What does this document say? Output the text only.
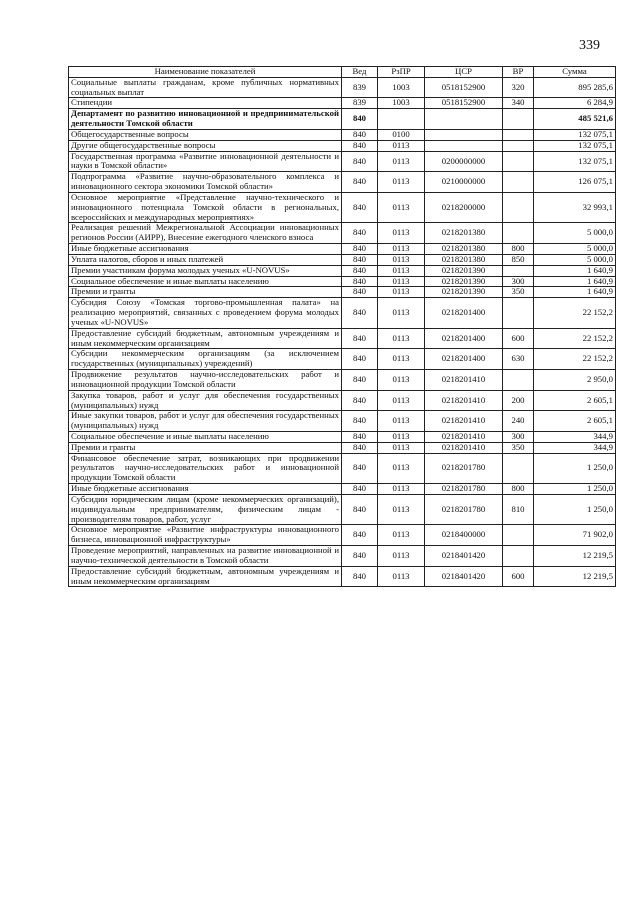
339
Наименование показателей	Вед	РзПР	ЦСР	ВР	Сумма
Социальные выплаты гражданам, кроме публичных нормативных социальных выплат	839	1003	0518152900	320	895 285,6
Стипендии	839	1003	0518152900	340	6 284,9
Департамент по развитию инновационной и предпринимательской деятельности Томской области	840				485 521,6
Общегосударственные вопросы	840	0100			132 075,1
Другие общегосударственные вопросы	840	0113			132 075,1
Государственная программа «Развитие инновационной деятельности и науки в Томской области»	840	0113	0200000000		132 075,1
Подпрограмма «Развитие научно-образовательного комплекса и инновационного сектора экономики Томской области»	840	0113	0210000000		126 075,1
Основное мероприятие «Представление научно-технического и инновационного потенциала Томской области в региональных, всероссийских и международных мероприятиях»	840	0113	0218200000		32 993,1
Реализация решений Межрегиональной Ассоциации инновационных регионов России (АИРР), Внесение ежегодного членского взноса	840	0113	0218201380		5 000,0
Иные бюджетные ассигнования	840	0113	0218201380	800	5 000,0
Уплата налогов, сборов и иных платежей	840	0113	0218201380	850	5 000,0
Премии участникам форума молодых ученых «U-NOVUS»	840	0113	0218201390		1 640,9
Социальное обеспечение и иные выплаты населению	840	0113	0218201390	300	1 640,9
Премии и гранты	840	0113	0218201390	350	1 640,9
Субсидия Союзу «Томская торгово-промышленная палата» на реализацию мероприятий, связанных с проведением форума молодых ученых «U-NOVUS»	840	0113	0218201400		22 152,2
Предоставление субсидий бюджетным, автономным учреждениям и иным некоммерческим организациям	840	0113	0218201400	600	22 152,2
Субсидии некоммерческим организациям (за исключением государственных (муниципальных) учреждений)	840	0113	0218201400	630	22 152,2
Продвижение результатов научно-исследовательских работ и инновационной продукции Томской области	840	0113	0218201410		2 950,0
Закупка товаров, работ и услуг для обеспечения государственных (муниципальных) нужд	840	0113	0218201410	200	2 605,1
Иные закупки товаров, работ и услуг для обеспечения государственных (муниципальных) нужд	840	0113	0218201410	240	2 605,1
Социальное обеспечение и иные выплаты населению	840	0113	0218201410	300	344,9
Премии и гранты	840	0113	0218201410	350	344,9
Финансовое обеспечение затрат, возникающих при продвижении результатов научно-исследовательских работ и инновационной продукции Томской области	840	0113	0218201780		1 250,0
Иные бюджетные ассигнования	840	0113	0218201780	800	1 250,0
Субсидии юридическим лицам (кроме некоммерческих организаций), индивидуальным предпринимателям, физическим лицам - производителям товаров, работ, услуг	840	0113	0218201780	810	1 250,0
Основное мероприятие «Развитие инфраструктуры инновационного бизнеса, инновационной инфраструктуры»	840	0113	0218400000		71 902,0
Проведение мероприятий, направленных на развитие инновационной и научно-технической деятельности в Томской области	840	0113	0218401420		12 219,5
Предоставление субсидий бюджетным, автономным учреждениям и иным некоммерческим организациям	840	0113	0218401420	600	12 219,5
